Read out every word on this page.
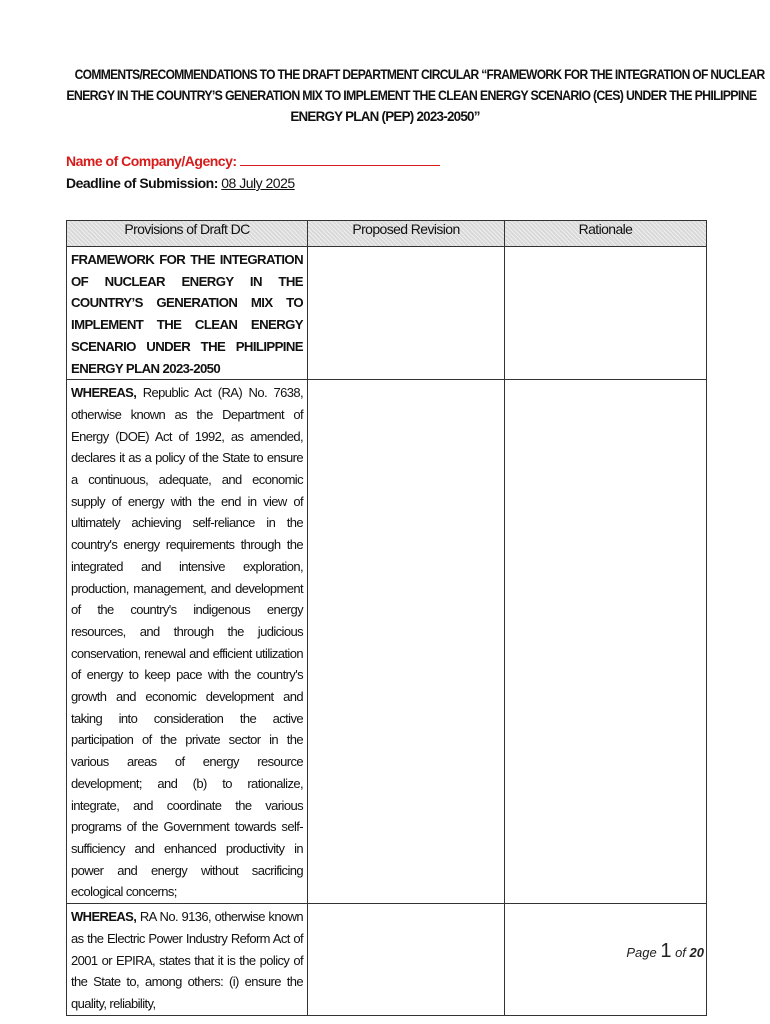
COMMENTS/RECOMMENDATIONS TO THE DRAFT DEPARTMENT CIRCULAR “FRAMEWORK FOR THE INTEGRATION OF NUCLEAR
ENERGY IN THE COUNTRY’S GENERATION MIX TO IMPLEMENT THE CLEAN ENERGY SCENARIO (CES) UNDER THE PHILIPPINE
ENERGY PLAN (PEP) 2023-2050”
Name of Company/Agency:
Deadline of Submission: 08 July 2025
Provisions of Draft DC	Proposed Revision	Rationale

FRAMEWORK FOR THE INTEGRATION OF NUCLEAR ENERGY IN THE COUNTRY’S GENERATION MIX TO IMPLEMENT THE CLEAN ENERGY SCENARIO UNDER THE PHILIPPINE ENERGY PLAN 2023-2050		

WHEREAS, Republic Act (RA) No. 7638, otherwise known as the Department of Energy (DOE) Act of 1992, as amended, declares it as a policy of the State to ensure a continuous, adequate, and economic supply of energy with the end in view of ultimately achieving self-reliance in the country's energy requirements through the integrated and intensive exploration, production, management, and development of the country's indigenous energy resources, and through the judicious conservation, renewal and efficient utilization of energy to keep pace with the country's growth and economic development and taking into consideration the active participation of the private sector in the various areas of energy resource development; and (b) to rationalize, integrate, and coordinate the various programs of the Government towards self-sufficiency and enhanced productivity in power and energy without sacrificing ecological concerns;		

WHEREAS, RA No. 9136, otherwise known as the Electric Power Industry Reform Act of 2001 or EPIRA, states that it is the policy of the State to, among others: (i) ensure the quality, reliability,		

Page 1 of 20
